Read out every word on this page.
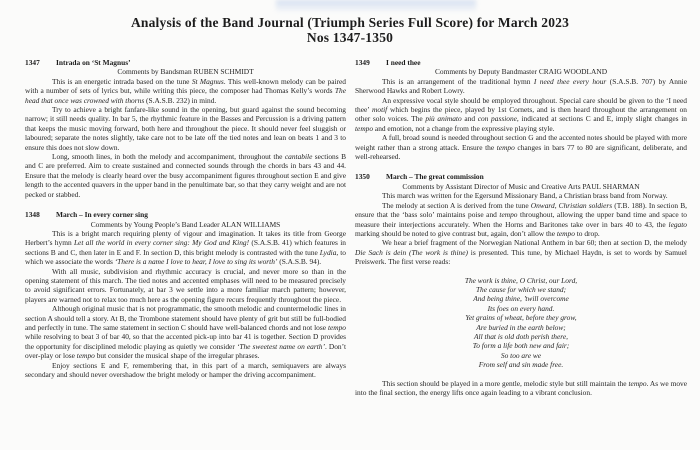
Analysis of the Band Journal (Triumph Series Full Score) for March 2023
Nos 1347-1350
1347	Intrada on ‘St Magnus’
Comments by Bandsman RUBEN SCHMIDT

This is an energetic intrada based on the tune St Magnus. This well-known melody can be paired with a number of sets of lyrics but, while writing this piece, the composer had Thomas Kelly’s words The head that once was crowned with thorns (S.A.S.B. 232) in mind.

Try to achieve a bright fanfare-like sound in the opening, but guard against the sound becoming narrow; it still needs quality. In bar 5, the rhythmic feature in the Basses and Percussion is a driving pattern that keeps the music moving forward, both here and throughout the piece. It should never feel sluggish or laboured; separate the notes slightly, take care not to be late off the tied notes and lean on beats 1 and 3 to ensure this does not slow down.

Long, smooth lines, in both the melody and accompaniment, throughout the cantabile sections B and C are preferred. Aim to create sustained and connected sounds through the chords in bars 43 and 44. Ensure that the melody is clearly heard over the busy accompaniment figures throughout section E and give length to the accented quavers in the upper band in the penultimate bar, so that they carry weight and are not pecked or stabbed.

1348	March – In every corner sing
Comments by Young People’s Band Leader ALAN WILLIAMS

This is a bright march requiring plenty of vigour and imagination. It takes its title from George Herbert’s hymn Let all the world in every corner sing: My God and King! (S.A.S.B. 41) which features in sections B and C, then later in E and F. In section D, this bright melody is contrasted with the tune Lydia, to which we associate the words ‘There is a name I love to hear, I love to sing its worth’ (S.A.S.B. 94).

With all music, subdivision and rhythmic accuracy is crucial, and never more so than in the opening statement of this march. The tied notes and accented emphases will need to be measured precisely to avoid significant errors. Fortunately, at bar 3 we settle into a more familiar march pattern; however, players are warned not to relax too much here as the opening figure recurs frequently throughout the piece.

Although original music that is not programmatic, the smooth melodic and countermelodic lines in section A should tell a story. At B, the Trombone statement should have plenty of grit but still be full-bodied and perfectly in tune. The same statement in section C should have well-balanced chords and not lose tempo while resolving to beat 3 of bar 40, so that the accented pick-up into bar 41 is together. Section D provides the opportunity for disciplined melodic playing as quietly we consider ‘The sweetest name on earth’. Don’t over-play or lose tempo but consider the musical shape of the irregular phrases.

Enjoy sections E and F, remembering that, in this part of a march, semiquavers are always secondary and should never overshadow the bright melody or hamper the driving accompaniment.

1349	I need thee
Comments by Deputy Bandmaster CRAIG WOODLAND

This is an arrangement of the traditional hymn I need thee every hour (S.A.S.B. 707) by Annie Sherwood Hawks and Robert Lowry.

An expressive vocal style should be employed throughout. Special care should be given to the ‘I need thee’ motif which begins the piece, played by 1st Cornets, and is then heard throughout the arrangement on other solo voices. The più animato and con passione, indicated at sections C and E, imply slight changes in tempo and emotion, not a change from the expressive playing style.

A full, broad sound is needed throughout section G and the accented notes should be played with more weight rather than a strong attack. Ensure the tempo changes in bars 77 to 80 are significant, deliberate, and well-rehearsed.

1350	March – The great commission
Comments by Assistant Director of Music and Creative Arts PAUL SHARMAN

This march was written for the Egersund Missionary Band, a Christian brass band from Norway.

The melody at section A is derived from the tune Onward, Christian soldiers (T.B. 188). In section B, ensure that the ‘bass solo’ maintains poise and tempo throughout, allowing the upper band time and space to measure their interjections accurately. When the Horns and Baritones take over in bars 40 to 43, the legato marking should be noted to give contrast but, again, don’t allow the tempo to drop.

We hear a brief fragment of the Norwegian National Anthem in bar 60; then at section D, the melody Die Sach is dein (The work is thine) is presented. This tune, by Michael Haydn, is set to words by Samuel Preiswerk. The first verse reads:

The work is thine, O Christ, our Lord,
The cause for which we stand;
And being thine, ’twill overcome
Its foes on every hand.
Yet grains of wheat, before they grow,
Are buried in the earth below;
All that is old doth perish there,
To form a life both new and fair;
So too are we
From self and sin made free.

This section should be played in a more gentle, melodic style but still maintain the tempo. As we move into the final section, the energy lifts once again leading to a vibrant conclusion.
